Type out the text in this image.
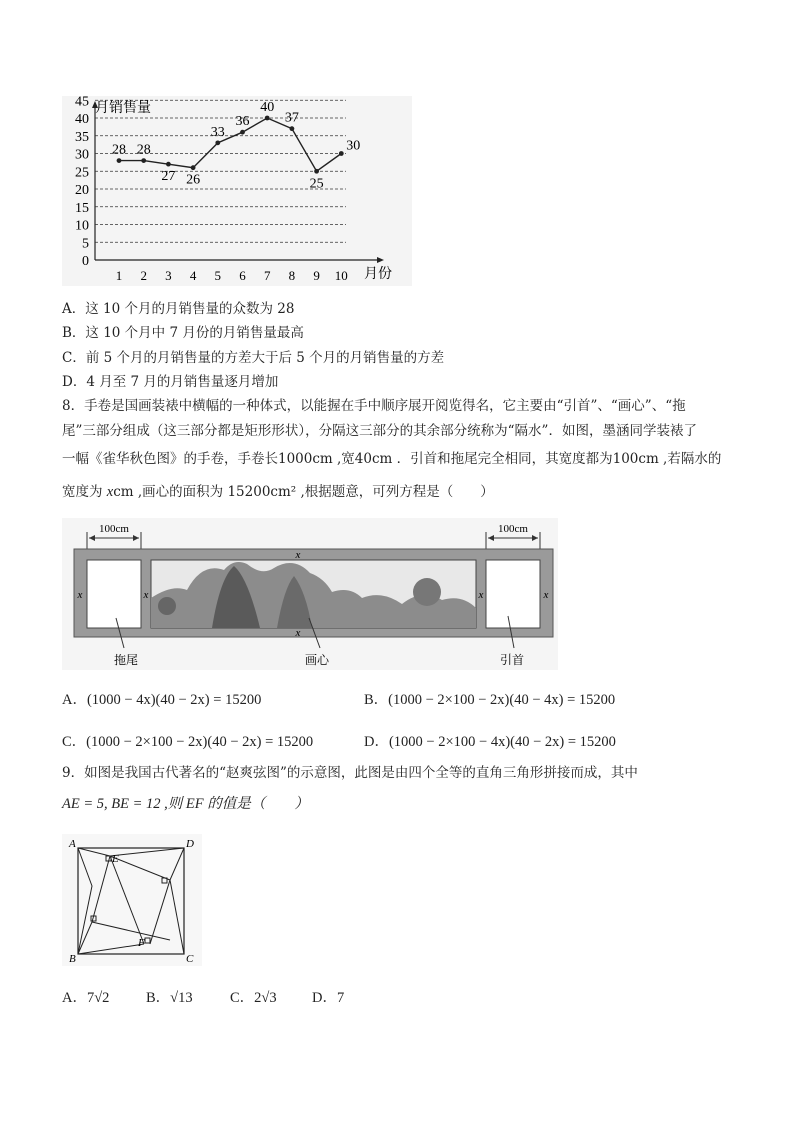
0
5
10
15
20
25
30
35
40
45
1 2 3 4 5 6 7 8 9 10
28 28
27 26
33
36
40
37
25
30
月销售量
月份
A．这 10 个月的月销售量的众数为 28
B．这 10 个月中 7 月份的月销售量最高
C．前 5 个月的月销售量的方差大于后 5 个月的月销售量的方差
D．4 月至 7 月的月销售量逐月增加
8．手卷是国画装裱中横幅的一种体式，以能握在手中顺序展开阅览得名，它主要由“引首”、“画心”、“拖
尾”三部分组成（这三部分都是矩形形状），分隔这三部分的其余部分统称为“隔水”．如图，墨涵同学装裱了
一幅《雀华秋色图》的手卷，手卷长1000cm ,宽40cm ．引首和拖尾完全相同，其宽度都为100cm ,若隔水的
宽度为 xcm ,画心的面积为 15200cm² ,根据题意，可列方程是（　　）
100cm	100cm
x
x
x	x	x	x
拖尾	画心	引首
A．(1000 − 4x)(40 − 2x) = 15200	B．(1000 − 2×100 − 2x)(40 − 4x) = 15200
C．(1000 − 2×100 − 2x)(40 − 2x) = 15200	D．(1000 − 2×100 − 4x)(40 − 2x) = 15200
9．如图是我国古代著名的“赵爽弦图”的示意图，此图是由四个全等的直角三角形拼接而成，其中
AE = 5, BE = 12 ,则 EF 的值是（　　）
A	D
B	C
E
F
A．7√2	B．√13	C．2√3 D．7
